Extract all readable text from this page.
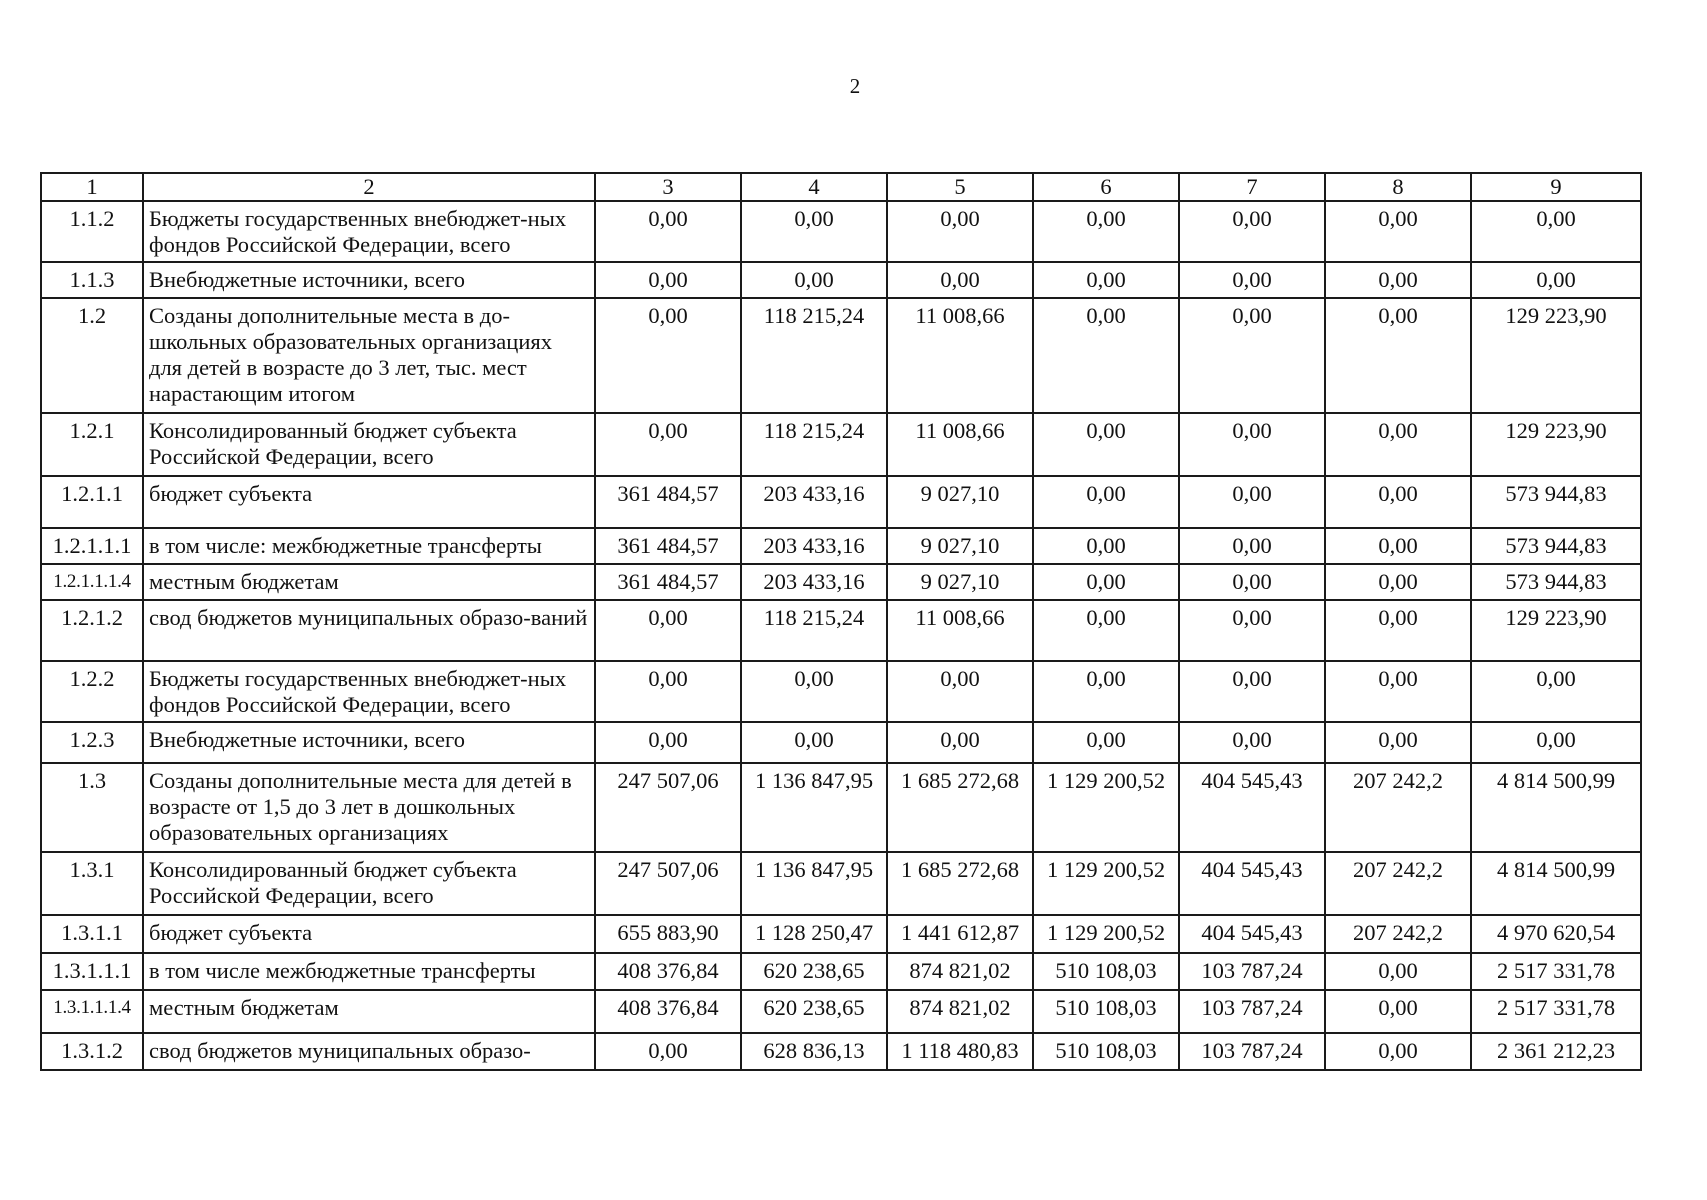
2
1	2	3	4	5	6	7	8	9
1.1.2	Бюджеты государственных внебюджет-ных фондов Российской Федерации, всего	0,00	0,00	0,00	0,00	0,00	0,00	0,00
1.1.3	Внебюджетные источники, всего	0,00	0,00	0,00	0,00	0,00	0,00	0,00
1.2	Созданы дополнительные места в до-школьных образовательных организациях для детей в возрасте до 3 лет, тыс. мест нарастающим итогом	0,00	118 215,24	11 008,66	0,00	0,00	0,00	129 223,90
1.2.1	Консолидированный бюджет субъекта Российской Федерации, всего	0,00	118 215,24	11 008,66	0,00	0,00	0,00	129 223,90
1.2.1.1	бюджет субъекта	361 484,57	203 433,16	9 027,10	0,00	0,00	0,00	573 944,83
1.2.1.1.1	в том числе: межбюджетные трансферты	361 484,57	203 433,16	9 027,10	0,00	0,00	0,00	573 944,83
1.2.1.1.1.4	местным бюджетам	361 484,57	203 433,16	9 027,10	0,00	0,00	0,00	573 944,83
1.2.1.2	свод бюджетов муниципальных образо-ваний	0,00	118 215,24	11 008,66	0,00	0,00	0,00	129 223,90
1.2.2	Бюджеты государственных внебюджет-ных фондов Российской Федерации, всего	0,00	0,00	0,00	0,00	0,00	0,00	0,00
1.2.3	Внебюджетные источники, всего	0,00	0,00	0,00	0,00	0,00	0,00	0,00
1.3	Созданы дополнительные места для детей в возрасте от 1,5 до 3 лет в дошкольных образовательных организациях	247 507,06	1 136 847,95	1 685 272,68	1 129 200,52	404 545,43	207 242,2	4 814 500,99
1.3.1	Консолидированный бюджет субъекта Российской Федерации, всего	247 507,06	1 136 847,95	1 685 272,68	1 129 200,52	404 545,43	207 242,2	4 814 500,99
1.3.1.1	бюджет субъекта	655 883,90	1 128 250,47	1 441 612,87	1 129 200,52	404 545,43	207 242,2	4 970 620,54
1.3.1.1.1	в том числе межбюджетные трансферты	408 376,84	620 238,65	874 821,02	510 108,03	103 787,24	0,00	2 517 331,78
1.3.1.1.1.4	местным бюджетам	408 376,84	620 238,65	874 821,02	510 108,03	103 787,24	0,00	2 517 331,78
1.3.1.2	свод бюджетов муниципальных образо-	0,00	628 836,13	1 118 480,83	510 108,03	103 787,24	0,00	2 361 212,23
